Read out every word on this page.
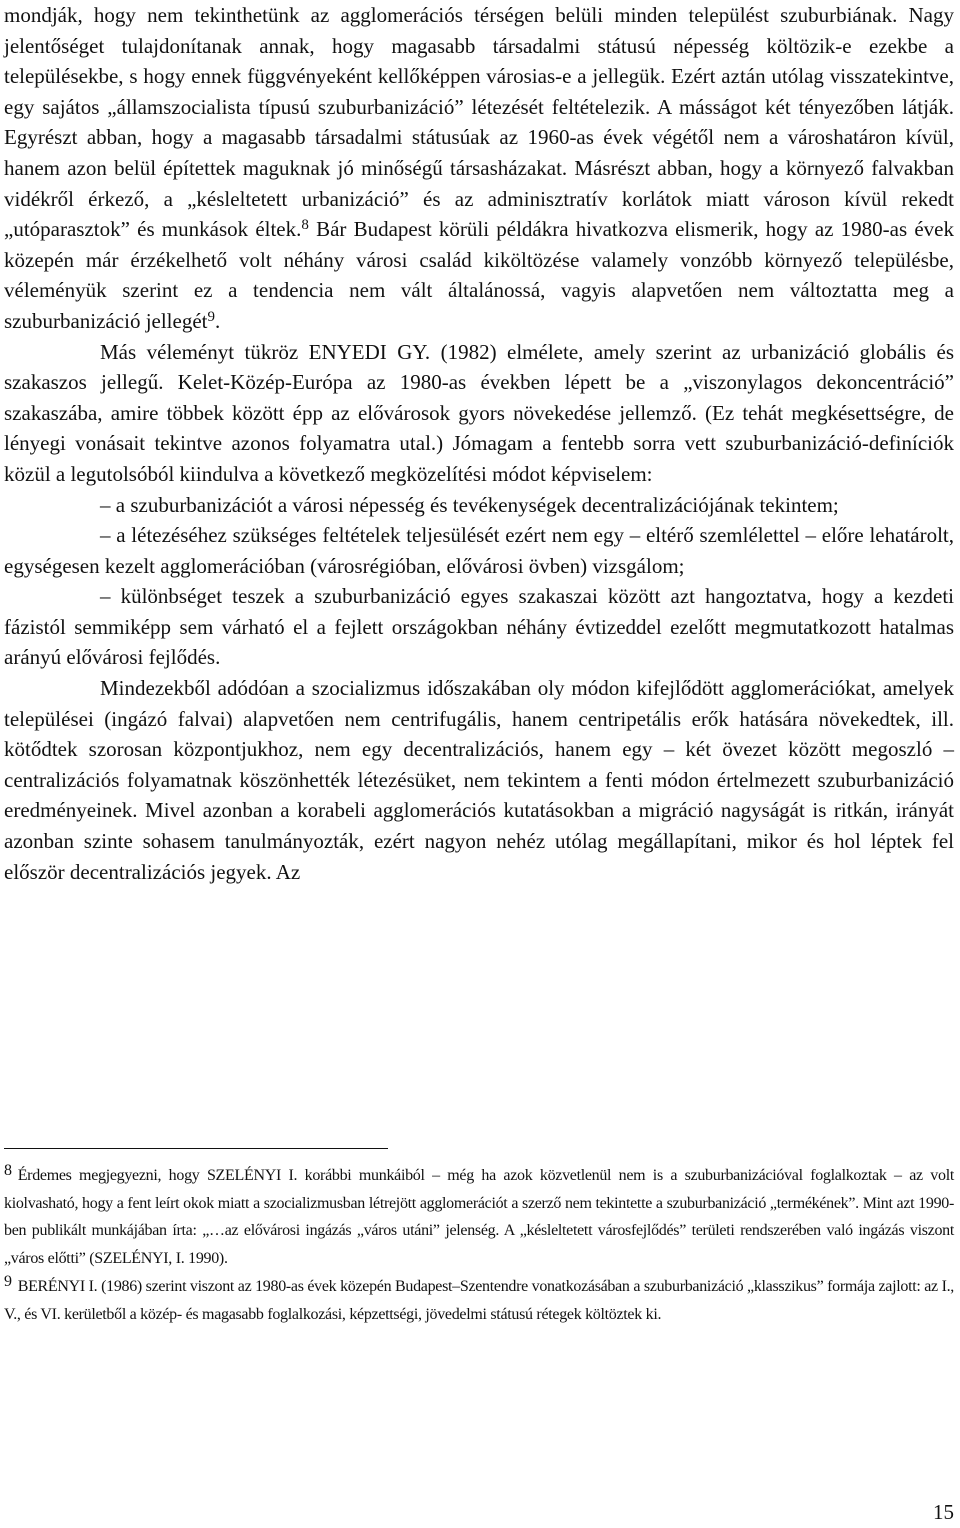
mondják, hogy nem tekinthetünk az agglomerációs térségen belüli minden települést szuburbiának. Nagy jelentőséget tulajdonítanak annak, hogy magasabb társadalmi státusú népesség költözik-e ezekbe a településekbe, s hogy ennek függvényeként kellőképpen városias-e a jellegük. Ezért aztán utólag visszatekintve, egy sajátos „államszocialista típusú szuburbanizáció” létezését feltételezik. A másságot két tényezőben látják. Egyrészt abban, hogy a magasabb társadalmi státusúak az 1960-as évek végétől nem a városhatáron kívül, hanem azon belül építettek maguknak jó minőségű társasházakat. Másrészt abban, hogy a környező falvakban vidékről érkező, a „késleltetett urbanizáció” és az adminisztratív korlátok miatt városon kívül rekedt „utóparasztok” és munkások éltek.$^8$ Bár Budapest körüli példákra hivatkozva elismerik, hogy az 1980-as évek közepén már érzékelhető volt néhány városi család kiköltözése valamely vonzóbb környező településbe, véleményük szerint ez a tendencia nem vált általánossá, vagyis alapvetően nem változtatta meg a szuburbanizáció jellegét$^9$.

Más véleményt tükröz ENYEDI GY. (1982) elmélete, amely szerint az urbanizáció globális és szakaszos jellegű. Kelet-Közép-Európa az 1980-as években lépett be a „viszonylagos dekoncentráció” szakaszába, amire többek között épp az elővárosok gyors növekedése jellemző. (Ez tehát megkésettségre, de lényegi vonásait tekintve azonos folyamatra utal.) Jómagam a fentebb sorra vett szuburbanizáció-definíciók közül a legutolsóból kiindulva a következő megközelítési módot képviselem:

– a szuburbanizációt a városi népesség és tevékenységek decentralizációjának tekintem;

– a létezéséhez szükséges feltételek teljesülését ezért nem egy – eltérő szemlélettel – előre lehatárolt, egységesen kezelt agglomerációban (városrégióban, elővárosi övben) vizsgálom;

– különbséget teszek a szuburbanizáció egyes szakaszai között azt hangoztatva, hogy a kezdeti fázistól semmiképp sem várható el a fejlett országokban néhány évtizeddel ezelőtt megmutatkozott hatalmas arányú elővárosi fejlődés.

Mindezekből adódóan a szocializmus időszakában oly módon kifejlődött agglomerációkat, amelyek települései (ingázó falvai) alapvetően nem centrifugális, hanem centripetális erők hatására növekedtek, ill. kötődtek szorosan központjukhoz, nem egy decentralizációs, hanem egy – két övezet között megoszló – centralizációs folyamatnak köszönhették létezésüket, nem tekintem a fenti módon értelmezett szuburbanizáció eredményeinek. Mivel azonban a korabeli agglomerációs kutatásokban a migráció nagyságát is ritkán, irányát azonban szinte sohasem tanulmányozták, ezért nagyon nehéz utólag megállapítani, mikor és hol léptek fel először decentralizációs jegyek. Az

$^8$ Érdemes megjegyezni, hogy SZELÉNYI I. korábbi munkáiból – még ha azok közvetlenül nem is a szuburbanizációval foglalkoztak – az volt kiolvasható, hogy a fent leírt okok miatt a szocializmusban létrejött agglomerációt a szerző nem tekintette a szuburbanizáció „termékének”. Mint azt 1990-ben publikált munkájában írta: „…az elővárosi ingázás „város utáni” jelenség. A „késleltetett városfejlődés” területi rendszerében való ingázás viszont „város előtti” (SZELÉNYI, I. 1990).

$^9$ BERÉNYI I. (1986) szerint viszont az 1980-as évek közepén Budapest–Szentendre vonatkozásában a szuburbanizáció „klasszikus” formája zajlott: az I., V., és VI. kerületből a közép- és magasabb foglalkozási, képzettségi, jövedelmi státusú rétegek költöztek ki.

15
